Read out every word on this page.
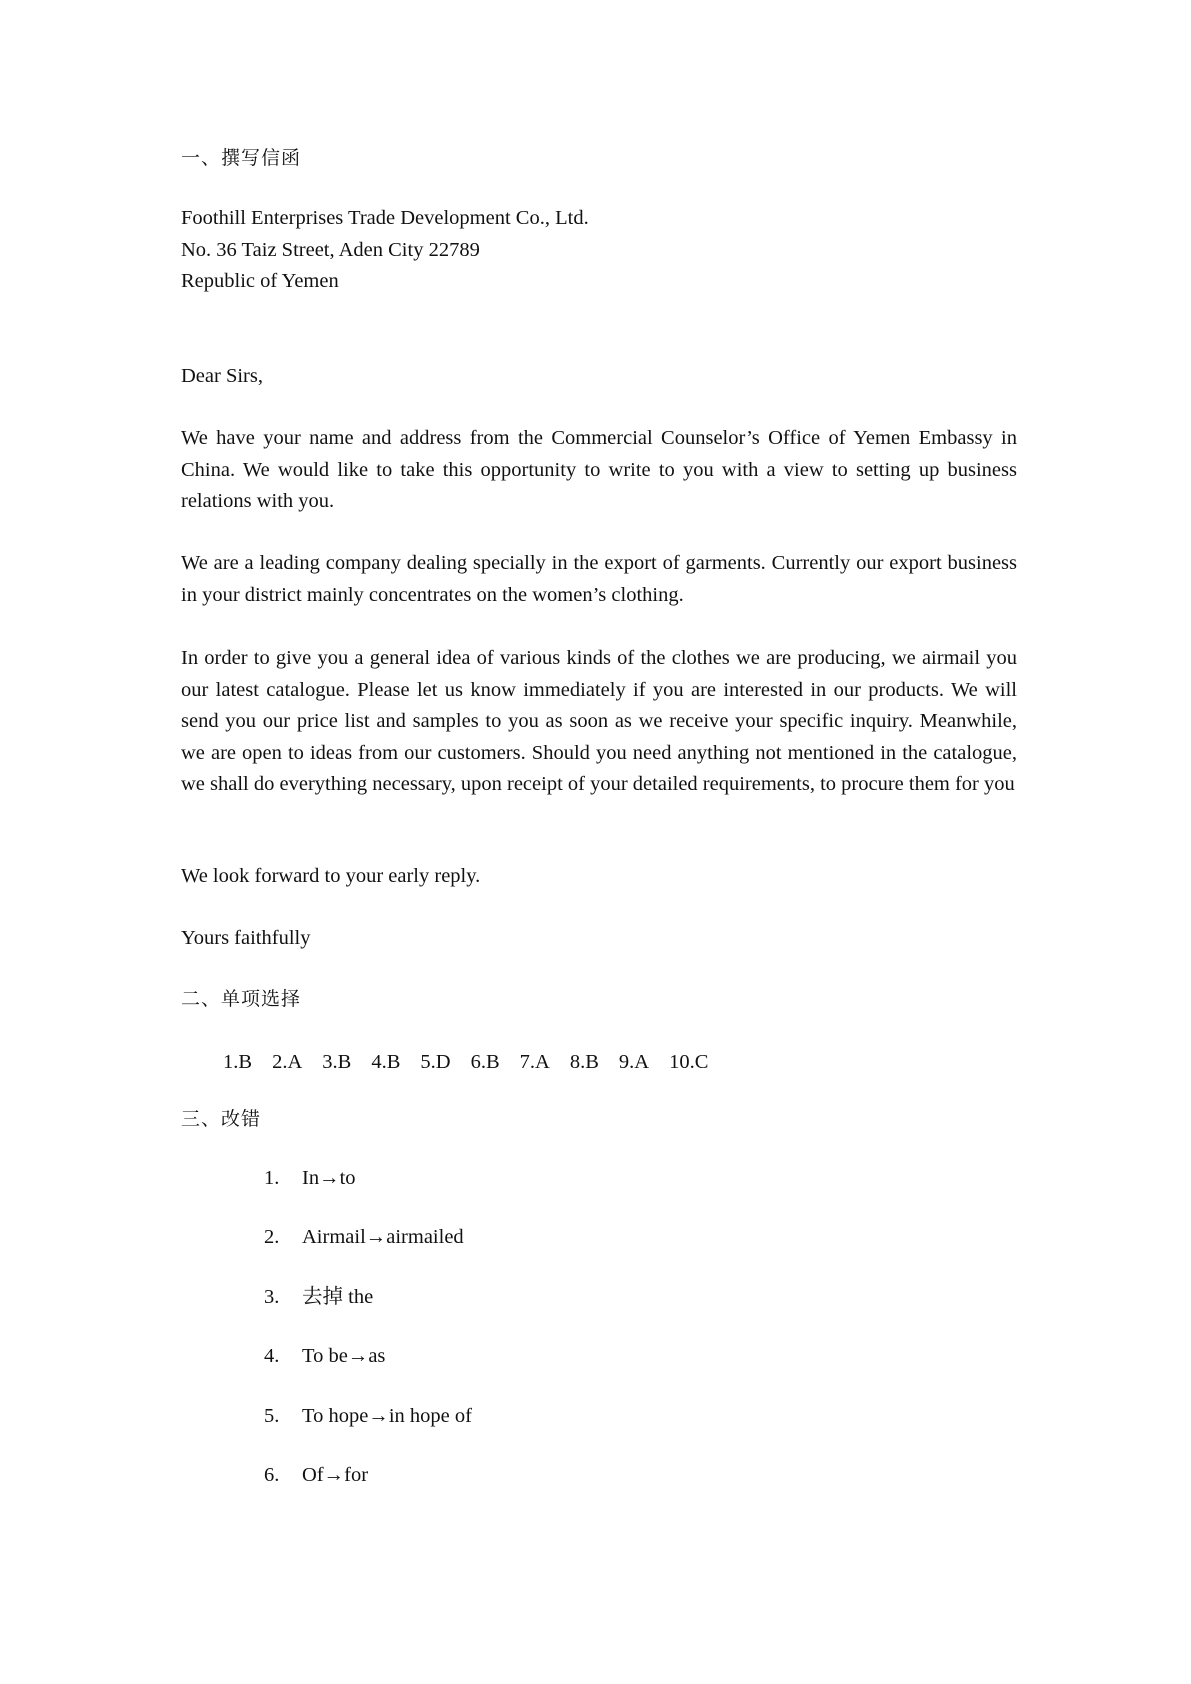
一、撰写信函
Foothill Enterprises Trade Development Co., Ltd.
No. 36 Taiz Street, Aden City 22789
Republic of Yemen
Dear Sirs,

We have your name and address from the Commercial Counselor’s Office of Yemen Embassy in China. We would like to take this opportunity to write to you with a view to setting up business relations with you.

We are a leading company dealing specially in the export of garments. Currently our export business in your district mainly concentrates on the women’s clothing.

In order to give you a general idea of various kinds of the clothes we are producing, we airmail you our latest catalogue. Please let us know immediately if you are interested in our products. We will send you our price list and samples to you as soon as we receive your specific inquiry. Meanwhile, we are open to ideas from our customers. Should you need anything not mentioned in the catalogue, we shall do everything necessary, upon receipt of your detailed requirements, to procure them for you

We look forward to your early reply.
Yours faithfully
二、单项选择
1.B 2.A 3.B 4.B 5.D 6.B 7.A 8.B 9.A 10.C
三、改错
1. In→to
2. Airmail→airmailed
3. 去掉 the
4. To be→as
5. To hope→in hope of
6. Of→for
